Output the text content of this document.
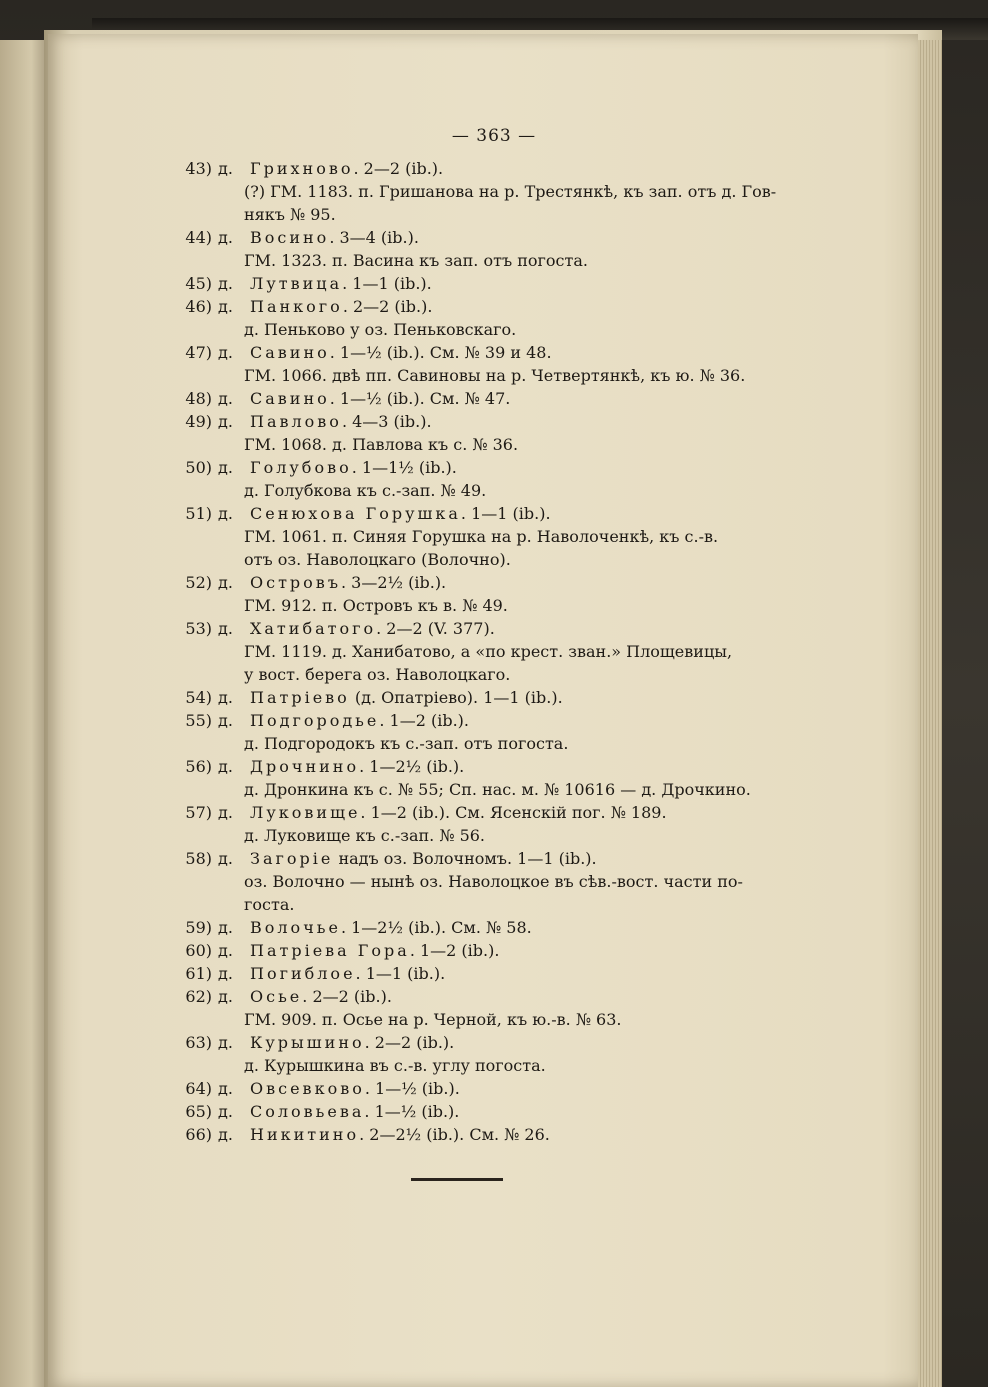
— 363 —
43) д.	Грихново. 2—2 (ib.).
(?) ГМ. 1183. п. Гришанова на р. Трестянкѣ, къ зап. отъ д. Гов-
някъ № 95.
44) д.	Восино. 3—4 (ib.).
ГМ. 1323. п. Васина къ зап. отъ погоста.
45) д.	Лутвица. 1—1 (ib.).
46) д.	Панкого. 2—2 (ib.).
д. Пеньково у оз. Пеньковскаго.
47) д.	Савино. 1—½ (ib.). См. № 39 и 48.
ГМ. 1066. двѣ пп. Савиновы на р. Четвертянкѣ, къ ю. № 36.
48) д.	Савино. 1—½ (ib.). См. № 47.
49) д.	Павлово. 4—3 (ib.).
ГМ. 1068. д. Павлова къ с. № 36.
50) д.	Голубово. 1—1½ (ib.).
д. Голубкова къ с.-зап. № 49.
51) д.	Сенюхова Горушка. 1—1 (ib.).
ГМ. 1061. п. Синяя Горушка на р. Наволоченкѣ, къ с.-в.
отъ оз. Наволоцкаго (Волочно).
52) д.	Островъ. 3—2½ (ib.).
ГМ. 912. п. Островъ къ в. № 49.
53) д.	Хатибатого. 2—2 (V. 377).
ГМ. 1119. д. Ханибатово, а «по крест. зван.» Площевицы,
у вост. берега оз. Наволоцкаго.
54) д.	Патріево (д. Опатріево). 1—1 (ib.).
55) д.	Подгородье. 1—2 (ib.).
д. Подгородокъ къ с.-зап. отъ погоста.
56) д.	Дрочнино. 1—2½ (ib.).
д. Дронкина къ с. № 55; Сп. нас. м. № 10616 — д. Дрочкино.
57) д.	Луковище. 1—2 (ib.). См. Ясенскій пог. № 189.
д. Луковище къ с.-зап. № 56.
58) д.	Загоріе надъ оз. Волочномъ. 1—1 (ib.).
оз. Волочно — нынѣ оз. Наволоцкое въ сѣв.-вост. части по-
госта.
59) д.	Волочье. 1—2½ (ib.). См. № 58.
60) д.	Патріева Гора. 1—2 (ib.).
61) д.	Погиблое. 1—1 (ib.).
62) д.	Осье. 2—2 (ib.).
ГМ. 909. п. Осье на р. Черной, къ ю.-в. № 63.
63) д.	Курышино. 2—2 (ib.).
д. Курышкина въ с.-в. углу погоста.
64) д.	Овсевково. 1—½ (ib.).
65) д.	Соловьева. 1—½ (ib.).
66) д.	Никитино. 2—2½ (ib.). См. № 26.
